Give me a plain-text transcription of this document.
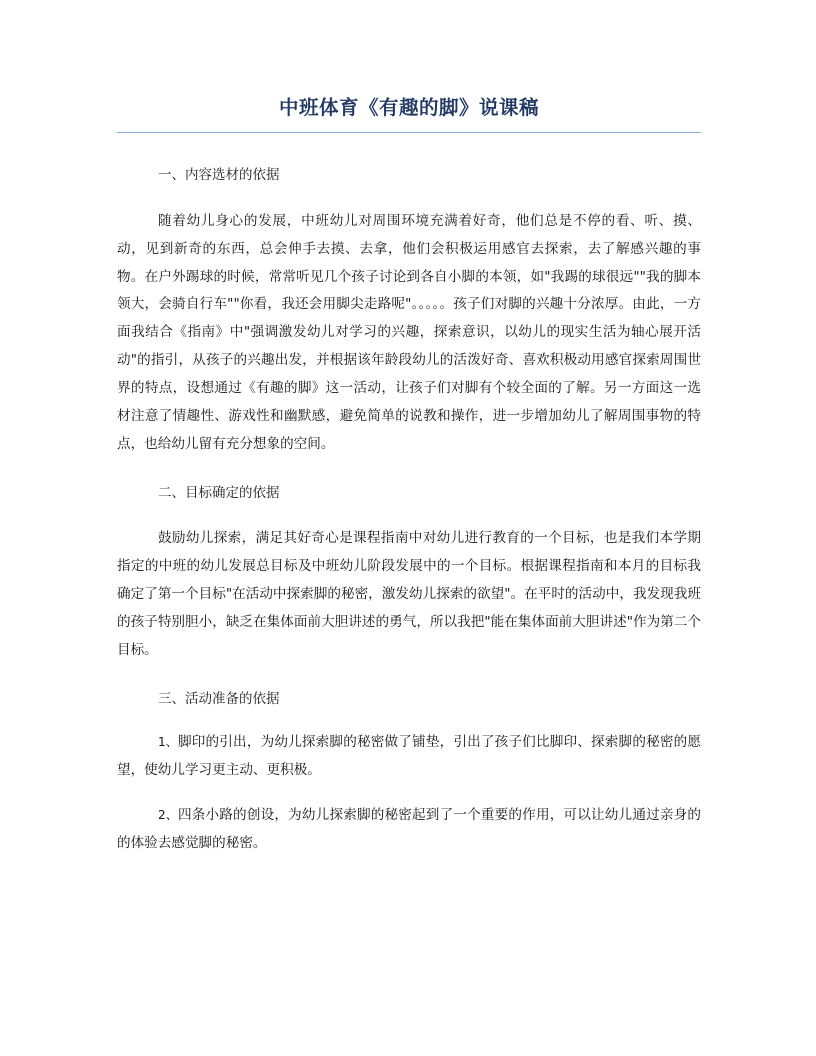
中班体育《有趣的脚》说课稿

一、内容选材的依据

随着幼儿身心的发展，中班幼儿对周围环境充满着好奇，他们总是不停的看、听、摸、动，见到新奇的东西，总会伸手去摸、去拿，他们会积极运用感官去探索，去了解感兴趣的事物。在户外踢球的时候，常常听见几个孩子讨论到各自小脚的本领，如"我踢的球很远""我的脚本领大，会骑自行车""你看，我还会用脚尖走路呢"。。。。。孩子们对脚的兴趣十分浓厚。由此，一方面我结合《指南》中"强调激发幼儿对学习的兴趣，探索意识，以幼儿的现实生活为轴心展开活动"的指引，从孩子的兴趣出发，并根据该年龄段幼儿的活泼好奇、喜欢积极动用感官探索周围世界的特点，设想通过《有趣的脚》这一活动，让孩子们对脚有个较全面的了解。另一方面这一选材注意了情趣性、游戏性和幽默感，避免简单的说教和操作，进一步增加幼儿了解周围事物的特点，也给幼儿留有充分想象的空间。

二、目标确定的依据

鼓励幼儿探索，满足其好奇心是课程指南中对幼儿进行教育的一个目标，也是我们本学期指定的中班的幼儿发展总目标及中班幼儿阶段发展中的一个目标。根据课程指南和本月的目标我确定了第一个目标"在活动中探索脚的秘密，激发幼儿探索的欲望"。在平时的活动中，我发现我班的孩子特别胆小，缺乏在集体面前大胆讲述的勇气，所以我把"能在集体面前大胆讲述"作为第二个目标。

三、活动准备的依据

1、脚印的引出，为幼儿探索脚的秘密做了铺垫，引出了孩子们比脚印、探索脚的秘密的愿望，使幼儿学习更主动、更积极。

2、四条小路的创设，为幼儿探索脚的秘密起到了一个重要的作用，可以让幼儿通过亲身的的体验去感觉脚的秘密。
